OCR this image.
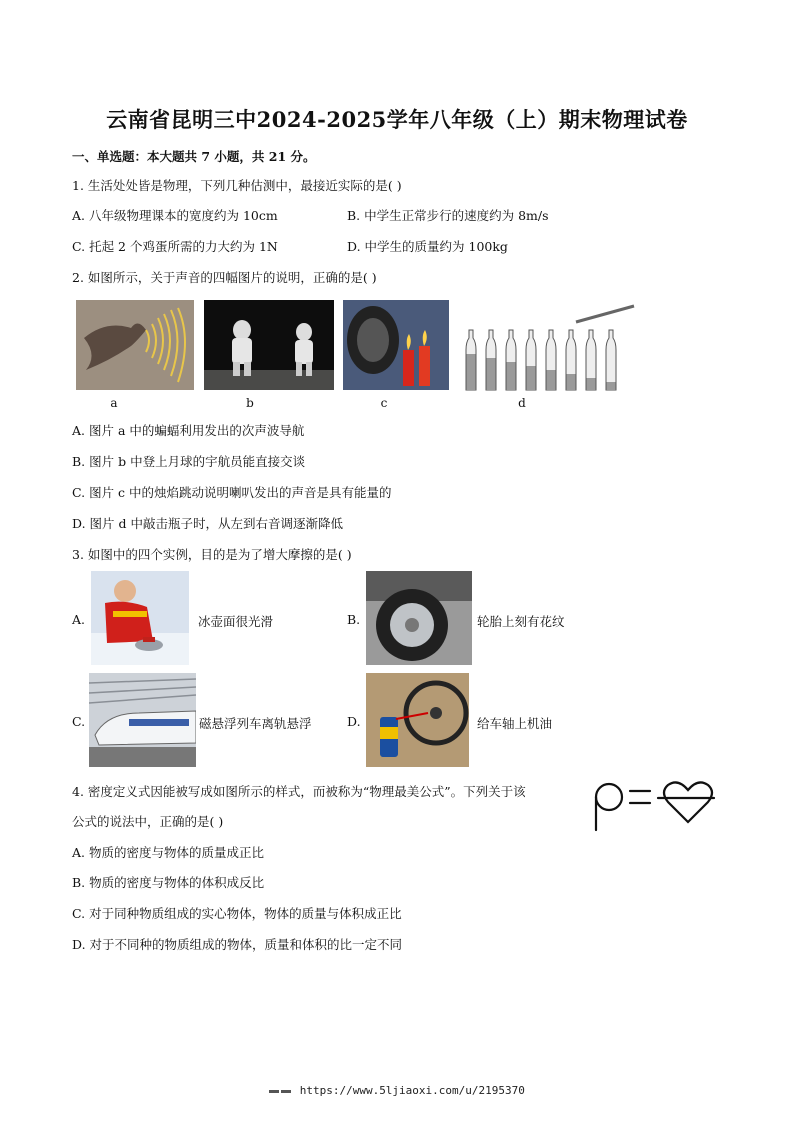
云南省昆明三中2024-2025学年八年级（上）期末物理试卷
一、单选题：本大题共 7 小题，共 21 分。
1. 生活处处皆是物理，下列几种估测中，最接近实际的是( )
A. 八年级物理课本的宽度约为 10cm	B. 中学生正常步行的速度约为 8m/s
C. 托起 2 个鸡蛋所需的力大约为 1N	D. 中学生的质量约为 100kg
2. 如图所示，关于声音的四幅图片的说明，正确的是( )
a	b	c	d
A. 图片 a 中的蝙蝠利用发出的次声波导航
B. 图片 b 中登上月球的宇航员能直接交谈
C. 图片 c 中的烛焰跳动说明喇叭发出的声音是具有能量的
D. 图片 d 中敲击瓶子时，从左到右音调逐渐降低
3. 如图中的四个实例，目的是为了增大摩擦的是( )
A.	冰壶面很光滑	B.	轮胎上刻有花纹
C.	磁悬浮列车离轨悬浮	D.	给车轴上机油
4. 密度定义式因能被写成如图所示的样式，而被称为“物理最美公式”。下列关于该
公式的说法中，正确的是( )
A. 物质的密度与物体的质量成正比
B. 物质的密度与物体的体积成反比
C. 对于同种物质组成的实心物体，物体的质量与体积成正比
D. 对于不同种的物质组成的物体，质量和体积的比一定不同
https://www.5ljiaoxi.com/u/2195370
